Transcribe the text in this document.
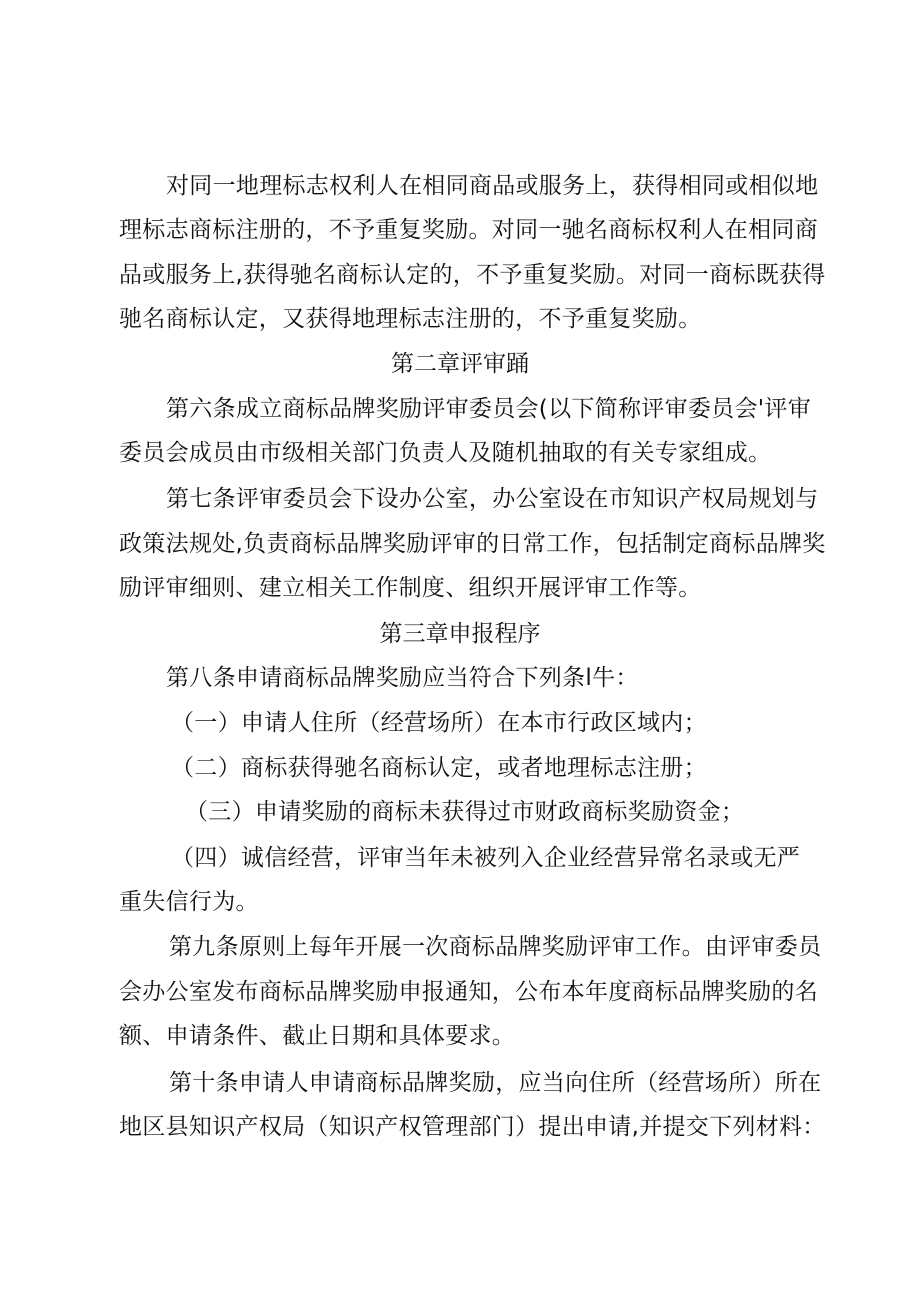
对同一地理标志权利人在相同商品或服务上，获得相同或相似地
理标志商标注册的，不予重复奖励。对同一驰名商标权利人在相同商
品或服务上,获得驰名商标认定的，不予重复奖励。对同一商标既获得
驰名商标认定，又获得地理标志注册的，不予重复奖励。
第二章评审踊
第六条成立商标品牌奖励评审委员会(以下简称评审委员会'评审
委员会成员由市级相关部门负责人及随机抽取的有关专家组成。
第七条评审委员会下设办公室，办公室设在市知识产权局规划与
政策法规处,负责商标品牌奖励评审的日常工作，包括制定商标品牌奖
励评审细则、建立相关工作制度、组织开展评审工作等。
第三章申报程序
第八条申请商标品牌奖励应当符合下列条l牛：
（一）申请人住所（经营场所）在本市行政区域内；
（二）商标获得驰名商标认定，或者地理标志注册；
（三）申请奖励的商标未获得过市财政商标奖励资金；
（四）诚信经营，评审当年未被列入企业经营异常名录或无严
重失信行为。
第九条原则上每年开展一次商标品牌奖励评审工作。由评审委员
会办公室发布商标品牌奖励申报通知，公布本年度商标品牌奖励的名
额、申请条件、截止日期和具体要求。
第十条申请人申请商标品牌奖励，应当向住所（经营场所）所在
地区县知识产权局（知识产权管理部门）提出申请,并提交下列材料：
